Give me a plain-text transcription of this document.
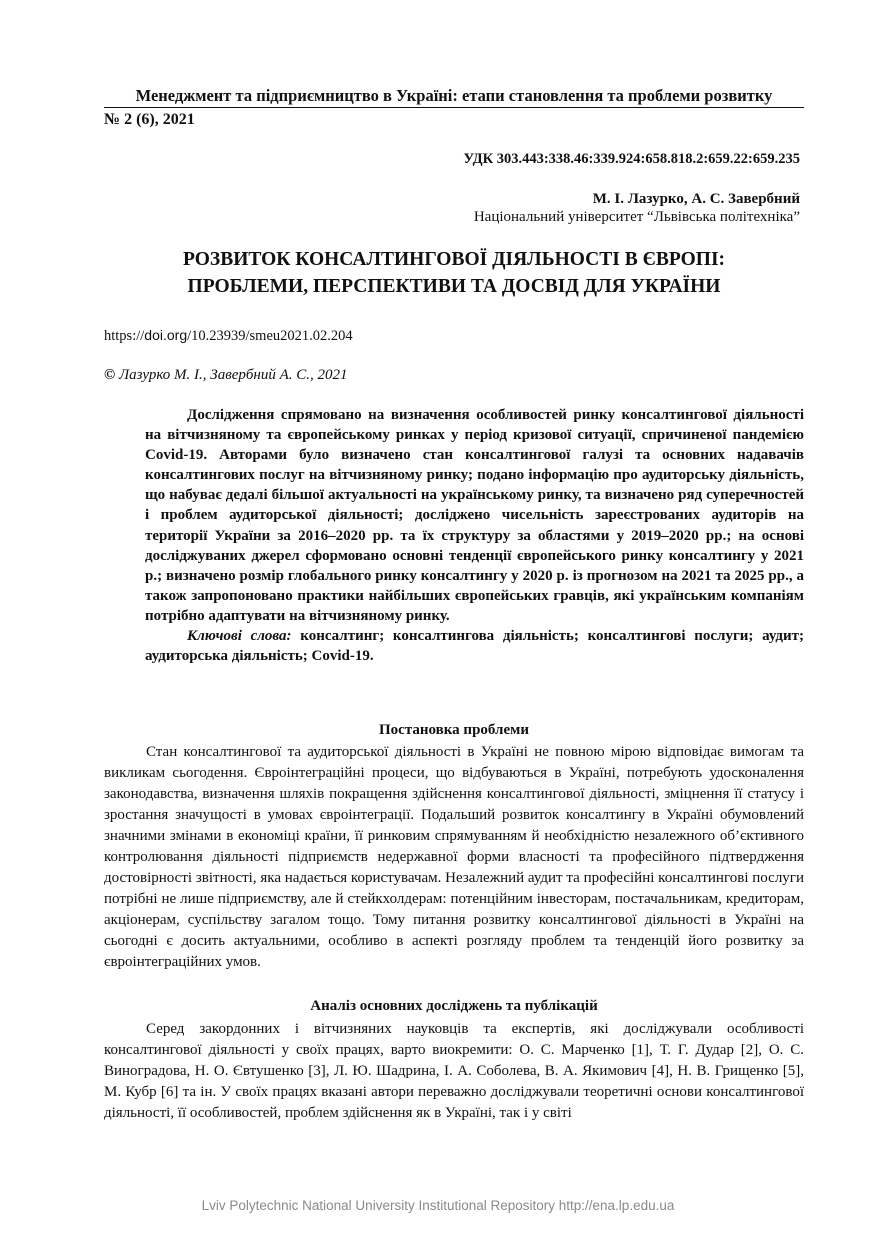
Менеджмент та підприємництво в Україні: етапи становлення та проблеми розвитку
№ 2 (6), 2021
УДК 303.443:338.46:339.924:658.818.2:659.22:659.235
М. І. Лазурко, А. С. Завербний
Національний університет “Львівська політехніка”
РОЗВИТОК КОНСАЛТИНГОВОЇ ДІЯЛЬНОСТІ В ЄВРОПІ:
ПРОБЛЕМИ, ПЕРСПЕКТИВИ ТА ДОСВІД ДЛЯ УКРАЇНИ
https://doi.org/10.23939/smeu2021.02.204
© Лазурко М. І., Завербний А. С., 2021

Дослідження спрямовано на визначення особливостей ринку консалтингової діяльності на вітчизняному та європейському ринках у період кризової ситуації, спричиненої пандемією Covid-19. Авторами було визначено стан консалтингової галузі та основних надавачів консалтингових послуг на вітчизняному ринку; подано інформацію про аудиторську діяльність, що набуває дедалі більшої актуальності на українському ринку, та визначено ряд суперечностей і проблем аудиторської діяльності; досліджено чисельність зареєстрованих аудиторів на території України за 2016–2020 рр. та їх структуру за областями у 2019–2020 рр.; на основі досліджуваних джерел сформовано основні тенденції європейського ринку консалтингу у 2021 р.; визначено розмір глобального ринку консалтингу у 2020 р. із прогнозом на 2021 та 2025 рр., а також запропоновано практики найбільших європейських гравців, які українським компаніям потрібно адаптувати на вітчизняному ринку.

Ключові слова: консалтинг; консалтингова діяльність; консалтингові послуги; аудит; аудиторська діяльність; Covid-19.

Постановка проблеми

Стан консалтингової та аудиторської діяльності в Україні не повною мірою відповідає вимогам та викликам сьогодення. Євроінтеграційні процеси, що відбуваються в Україні, потребують удосконалення законодавства, визначення шляхів покращення здійснення консалтингової діяльності, зміцнення її статусу і зростання значущості в умовах євроінтеграції. Подальший розвиток консалтингу в Україні обумовлений значними змінами в економіці країни, її ринковим спрямуванням й необхідністю незалежного об’єктивного контролювання діяльності підприємств недержавної форми власності та професійного підтвердження достовірності звітності, яка надається користувачам. Незалежний аудит та професійні консалтингові послуги потрібні не лише підприємству, але й стейкхолдерам: потенційним інвесторам, постачальникам, кредиторам, акціонерам, суспільству загалом тощо. Тому питання розвитку консалтингової діяльності в Україні на сьогодні є досить актуальними, особливо в аспекті розгляду проблем та тенденцій його розвитку за євроінтеграційних умов.

Аналіз основних досліджень та публікацій

Серед закордонних і вітчизняних науковців та експертів, які досліджували особливості консалтингової діяльності у своїх працях, варто виокремити: О. С. Марченко [1], Т. Г. Дудар [2], О. С. Виноградова, Н. О. Євтушенко [3], Л. Ю. Шадрина, І. А. Соболева, В. А. Якимович [4], Н. В. Грищенко [5], М. Кубр [6] та ін. У своїх працях вказані автори переважно досліджували теоретичні основи консалтингової діяльності, її особливостей, проблем здійснення як в Україні, так і у світі

Lviv Polytechnic National University Institutional Repository http://ena.lp.edu.ua
